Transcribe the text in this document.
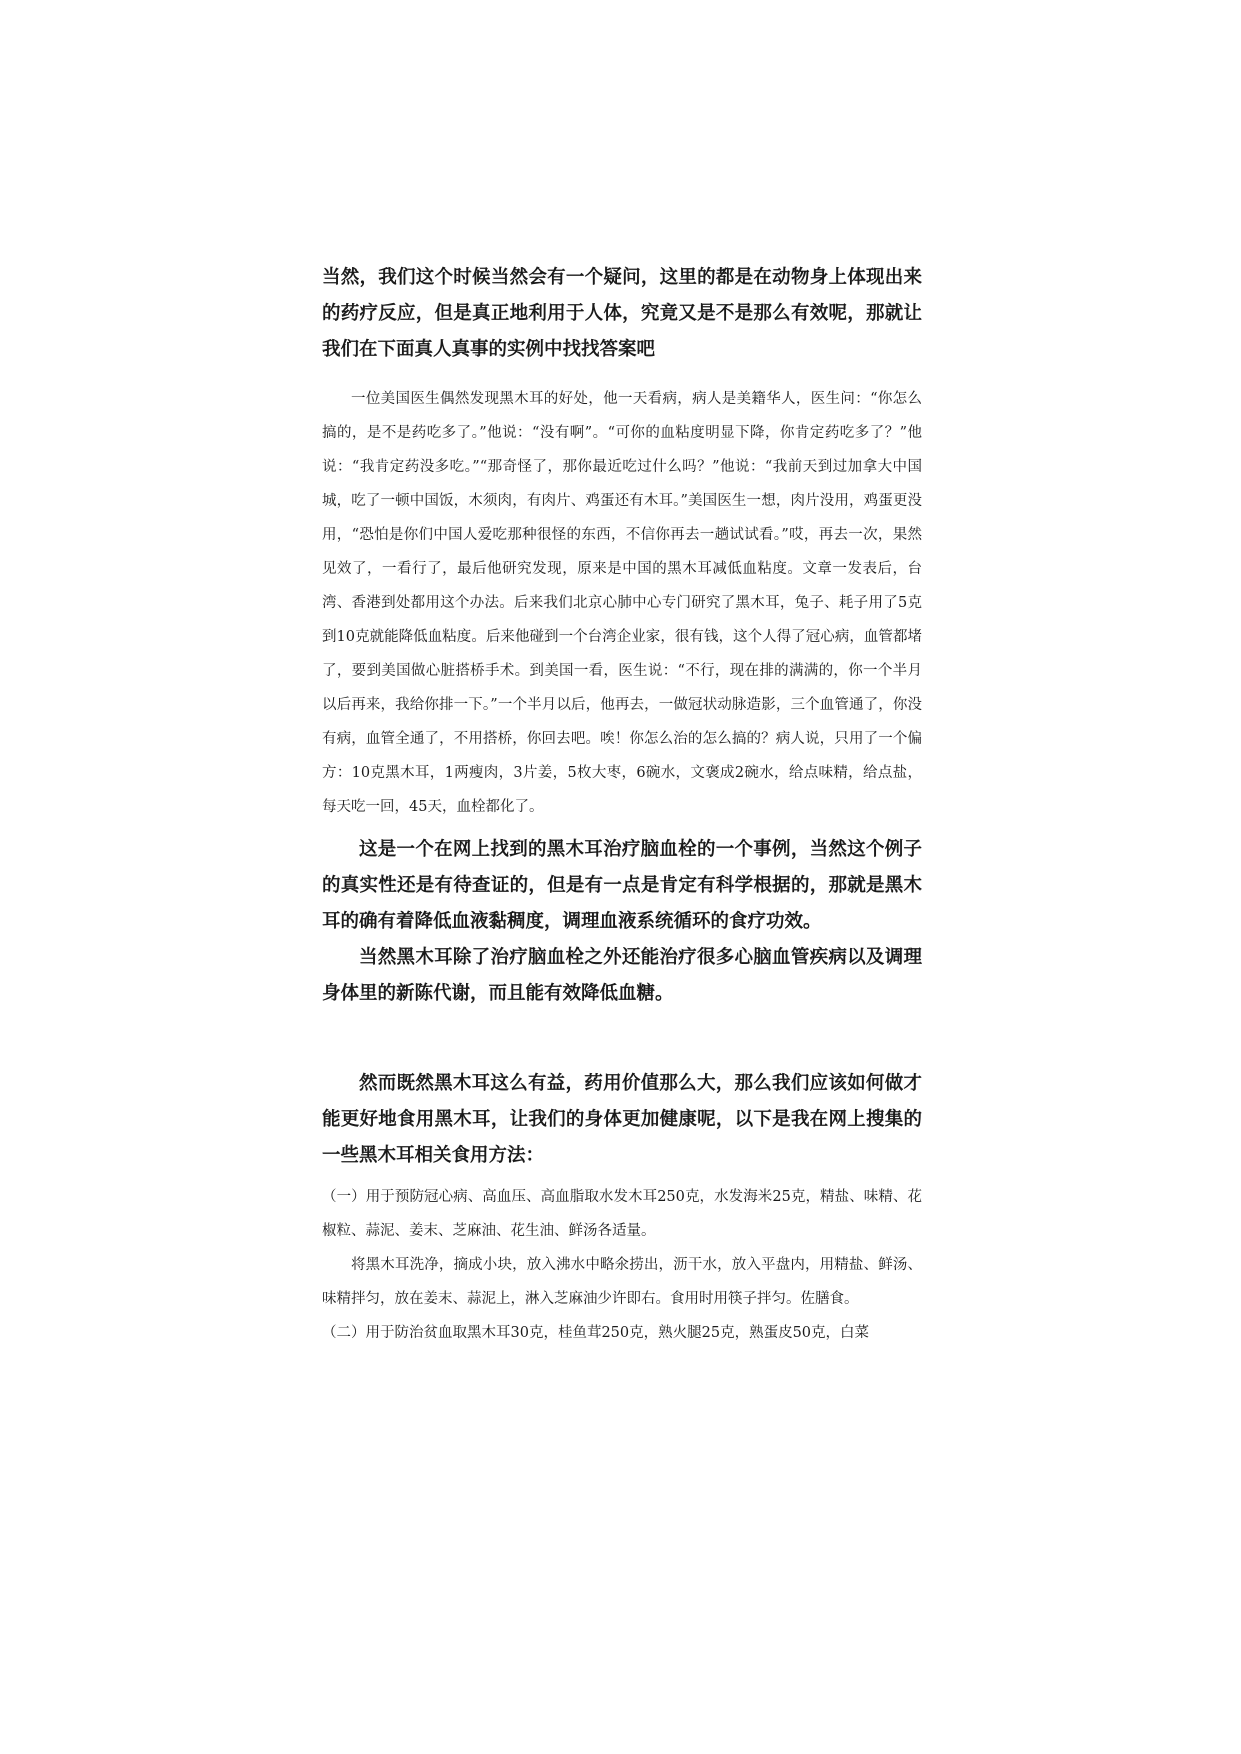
当然，我们这个时候当然会有一个疑问，这里的都是在动物身上体现出来的药疗反应，但是真正地利用于人体，究竟又是不是那么有效呢，那就让我们在下面真人真事的实例中找找答案吧

一位美国医生偶然发现黑木耳的好处，他一天看病，病人是美籍华人，医生问：“你怎么搞的，是不是药吃多了。”他说：“没有啊”。“可你的血粘度明显下降，你肯定药吃多了？”他说：“我肯定药没多吃。”“那奇怪了，那你最近吃过什么吗？”他说：“我前天到过加拿大中国城，吃了一顿中国饭，木须肉，有肉片、鸡蛋还有木耳。”美国医生一想，肉片没用，鸡蛋更没用，“恐怕是你们中国人爱吃那种很怪的东西，不信你再去一趟试试看。”哎，再去一次，果然见效了，一看行了，最后他研究发现，原来是中国的黑木耳减低血粘度。文章一发表后，台湾、香港到处都用这个办法。后来我们北京心肺中心专门研究了黑木耳，兔子、耗子用了5克到10克就能降低血粘度。后来他碰到一个台湾企业家，很有钱，这个人得了冠心病，血管都堵了，要到美国做心脏搭桥手术。到美国一看，医生说：“不行，现在排的满满的，你一个半月以后再来，我给你排一下。”一个半月以后，他再去，一做冠状动脉造影，三个血管通了，你没有病，血管全通了，不用搭桥，你回去吧。唉！你怎么治的怎么搞的？病人说，只用了一个偏方：10克黑木耳，1两瘦肉，3片姜，5枚大枣，6碗水，文褒成2碗水，给点味精，给点盐，每天吃一回，45天，血栓都化了。

这是一个在网上找到的黑木耳治疗脑血栓的一个事例，当然这个例子的真实性还是有待查证的，但是有一点是肯定有科学根据的，那就是黑木耳的确有着降低血液黏稠度，调理血液系统循环的食疗功效。

当然黑木耳除了治疗脑血栓之外还能治疗很多心脑血管疾病以及调理身体里的新陈代谢，而且能有效降低血糖。

然而既然黑木耳这么有益，药用价值那么大，那么我们应该如何做才能更好地食用黑木耳，让我们的身体更加健康呢，以下是我在网上搜集的一些黑木耳相关食用方法：

（一）用于预防冠心病、高血压、高血脂取水发木耳250克，水发海米25克，精盐、味精、花椒粒、蒜泥、姜末、芝麻油、花生油、鲜汤各适量。

将黑木耳洗净，摘成小块，放入沸水中略氽捞出，沥干水，放入平盘内，用精盐、鲜汤、味精拌匀，放在姜末、蒜泥上，淋入芝麻油少许即右。食用时用筷子拌匀。佐膳食。

（二）用于防治贫血取黑木耳30克，桂鱼茸250克，熟火腿25克，熟蛋皮50克，白菜
